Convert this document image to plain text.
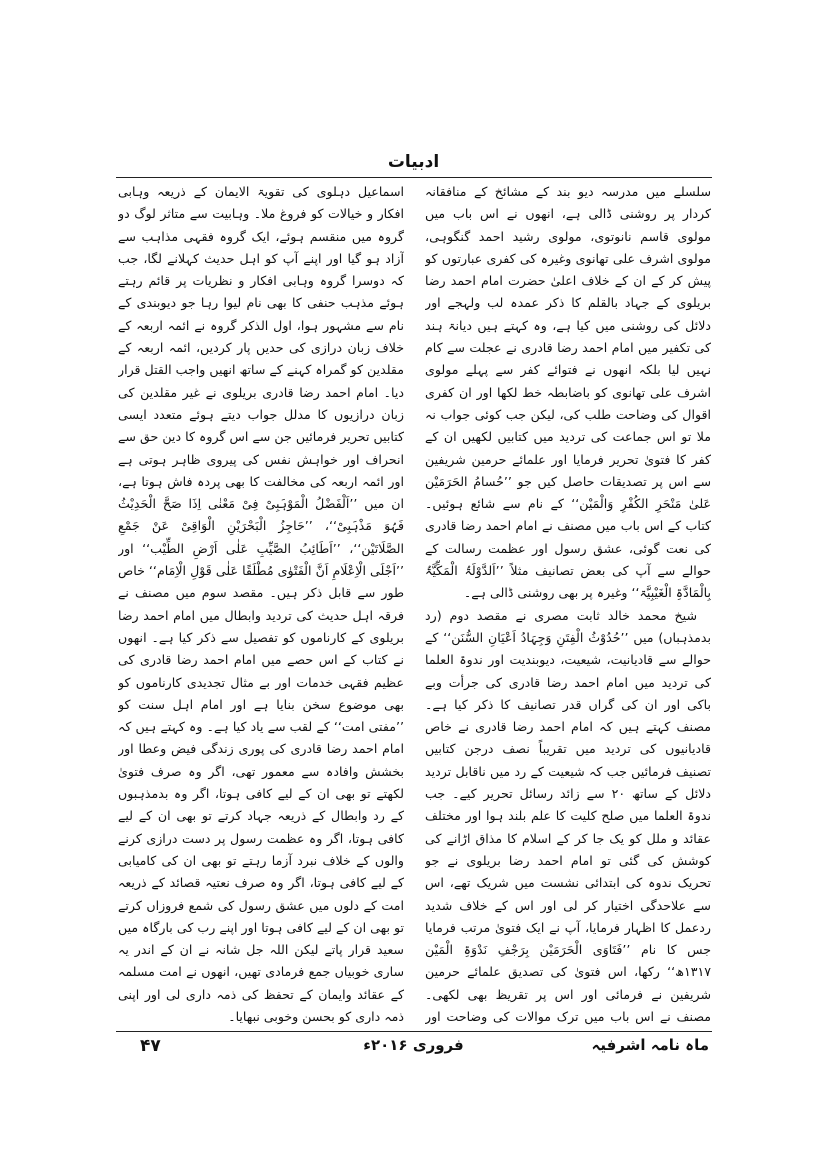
ادبیات

سلسلے میں مدرسہ دیو بند کے مشائخ کے منافقانہ کردار پر روشنی ڈالی ہے، انھوں نے اس باب میں مولوی قاسم نانوتوی، مولوی رشید احمد گنگوہی، مولوی اشرف علی تھانوی وغیرہ کی کفری عبارتوں کو پیش کر کے ان کے خلاف اعلیٰ حضرت امام احمد رضا بریلوی کے جہاد بالقلم کا ذکر عمدہ لب ولہجے اور دلائل کی روشنی میں کیا ہے، وہ کہتے ہیں دیانۃ ہند کی تکفیر میں امام احمد رضا قادری نے عجلت سے کام نہیں لیا بلکہ انھوں نے فتوائے کفر سے پہلے مولوی اشرف علی تھانوی کو باضابطہ خط لکھا اور ان کفری اقوال کی وضاحت طلب کی، لیکن جب کوئی جواب نہ ملا تو اس جماعت کی تردید میں کتابیں لکھیں ان کے کفر کا فتویٰ تحریر فرمایا اور علمائے حرمین شریفین سے اس پر تصدیقات حاصل کیں جو ’’حُسامُ الحَرَمَیْن عَلیٰ مَنْحَرِ الکُفْرِ وَالْمَیْن‘‘ کے نام سے شائع ہوئیں۔ کتاب کے اس باب میں مصنف نے امام احمد رضا قادری کی نعت گوئی، عشق رسول اور عظمت رسالت کے حوالے سے آپ کی بعض تصانیف مثلاً ’’اَلدَّوْلَۃُ الْمَکِّیَّۃُ بِالْمَادَّۃِ الْغَیْبِیَّۃ‘‘ وغیرہ پر بھی روشنی ڈالی ہے۔

شیخ محمد خالد ثابت مصری نے مقصد دوم (رد بدمذہباں) میں ’’حُدُوْثُ الْفِتَنِ وَجِہَادُ اَعْیَانِ السُّنَن‘‘ کے حوالے سے قادیانیت، شیعیت، دیوبندیت اور ندوۃ العلما کی تردید میں امام احمد رضا قادری کی جرأت وبے باکی اور ان کی گراں قدر تصانیف کا ذکر کیا ہے۔ مصنف کہتے ہیں کہ امام احمد رضا قادری نے خاص قادیانیوں کی تردید میں تقریباً نصف درجن کتابیں تصنیف فرمائیں جب کہ شیعیت کے رد میں ناقابل تردید دلائل کے ساتھ ۲۰ سے زائد رسائل تحریر کیے۔ جب ندوۃ العلما میں صلح کلیت کا علم بلند ہوا اور مختلف عقائد و ملل کو یک جا کر کے اسلام کا مذاق اڑانے کی کوشش کی گئی تو امام احمد رضا بریلوی نے جو تحریک ندوہ کی ابتدائی نشست میں شریک تھے، اس سے علاحدگی اختیار کر لی اور اس کے خلاف شدید ردعمل کا اظہار فرمایا، آپ نے ایک فتویٰ مرتب فرمایا جس کا نام ’’فَتَاوَی الْحَرَمَیْن بِرَجْفِ نَدْوَۃِ الْمَیْن ۱۳۱۷ھ‘‘ رکھا، اس فتویٰ کی تصدیق علمائے حرمین شریفین نے فرمائی اور اس پر تقریظ بھی لکھی۔ مصنف نے اس باب میں ترک موالات کی وضاحت اور

اسماعیل دہلوی کی تقویۃ الایمان کے ذریعہ وہابی افکار و خیالات کو فروغ ملا۔ وہابیت سے متاثر لوگ دو گروہ میں منقسم ہوئے، ایک گروہ فقہی مذاہب سے آزاد ہو گیا اور اپنے آپ کو اہل حدیث کہلانے لگا، جب کہ دوسرا گروہ وہابی افکار و نظریات پر قائم رہتے ہوئے مذہب حنفی کا بھی نام لیوا رہا جو دیوبندی کے نام سے مشہور ہوا، اول الذکر گروہ نے ائمہ اربعہ کے خلاف زبان درازی کی حدیں پار کردیں، ائمہ اربعہ کے مقلدین کو گمراہ کہنے کے ساتھ انھیں واجب القتل قرار دیا۔ امام احمد رضا قادری بریلوی نے غیر مقلدین کی زبان درازیوں کا مدلل جواب دیتے ہوئے متعدد ایسی کتابیں تحریر فرمائیں جن سے اس گروہ کا دین حق سے انحراف اور خواہش نفس کی پیروی ظاہر ہوتی ہے اور ائمہ اربعہ کی مخالفت کا بھی پردہ فاش ہوتا ہے، ان میں ’’اَلْفَضْلُ الْمَوْہَبِیْ فِیْ مَعْنٰی اِذَا صَحَّ الْحَدِیْثُ فَہُوَ مَذْہَبِیْ‘‘، ’’حَاجِزُ الْبَحْرَیْنِ الْوَاقِیْ عَنْ جَمْعِ الصَّلَاتَیْن‘‘، ’’اَطَائِبُ الصَّیِّبِ عَلٰی اَرْضِ الطِّیْب‘‘ اور ’’اَجْلَی الْاِعْلَامِ اَنَّ الْفَتْوٰی مُطْلَقًا عَلٰی قَوْلِ الْاِمَام‘‘ خاص طور سے قابل ذکر ہیں۔ مقصد سوم میں مصنف نے فرقہ اہل حدیث کی تردید وابطال میں امام احمد رضا بریلوی کے کارناموں کو تفصیل سے ذکر کیا ہے۔ انھوں نے کتاب کے اس حصے میں امام احمد رضا قادری کی عظیم فقہی خدمات اور بے مثال تجدیدی کارناموں کو بھی موضوع سخن بنایا ہے اور امام اہل سنت کو ’’مفتی امت‘‘ کے لقب سے یاد کیا ہے۔ وہ کہتے ہیں کہ امام احمد رضا قادری کی پوری زندگی فیض وعطا اور بخشش وافادہ سے معمور تھی، اگر وہ صرف فتویٰ لکھتے تو بھی ان کے لیے کافی ہوتا، اگر وہ بدمذہبوں کے رد وابطال کے ذریعہ جہاد کرتے تو بھی ان کے لیے کافی ہوتا، اگر وہ عظمت رسول پر دست درازی کرنے والوں کے خلاف نبرد آزما رہتے تو بھی ان کی کامیابی کے لیے کافی ہوتا، اگر وہ صرف نعتیہ قصائد کے ذریعہ امت کے دلوں میں عشق رسول کی شمع فروزاں کرتے تو بھی ان کے لیے کافی ہوتا اور اپنے رب کی بارگاہ میں سعید قرار پاتے لیکن اللہ جل شانہ نے ان کے اندر یہ ساری خوبیاں جمع فرمادی تھیں، انھوں نے امت مسلمہ کے عقائد وایمان کے تحفظ کی ذمہ داری لی اور اپنی ذمہ داری کو بحسن وخوبی نبھایا۔

ماہ نامہ اشرفیہ

فروری ۲۰۱۶ء

۴۷
